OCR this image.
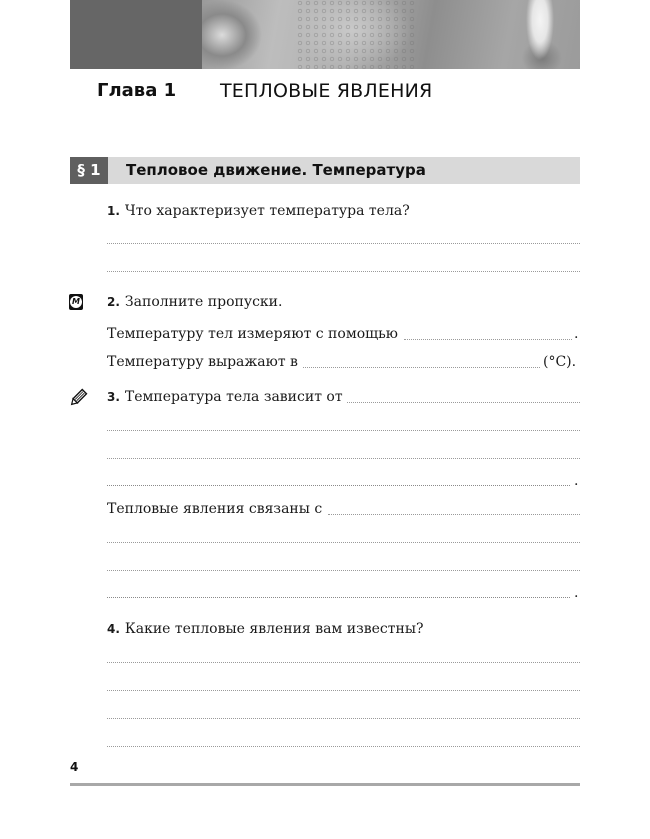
Глава 1 ТЕПЛОВЫЕ ЯВЛЕНИЯ
§ 1	Тепловое движение. Температура
1. Что характеризует температура тела?
M 2. Заполните пропуски.
Температуру тел измеряют с помощью	.
Температуру выражают в	(°C).
3. Температура тела зависит от
.
Тепловые явления связаны с
.
4. Какие тепловые явления вам известны?
4
